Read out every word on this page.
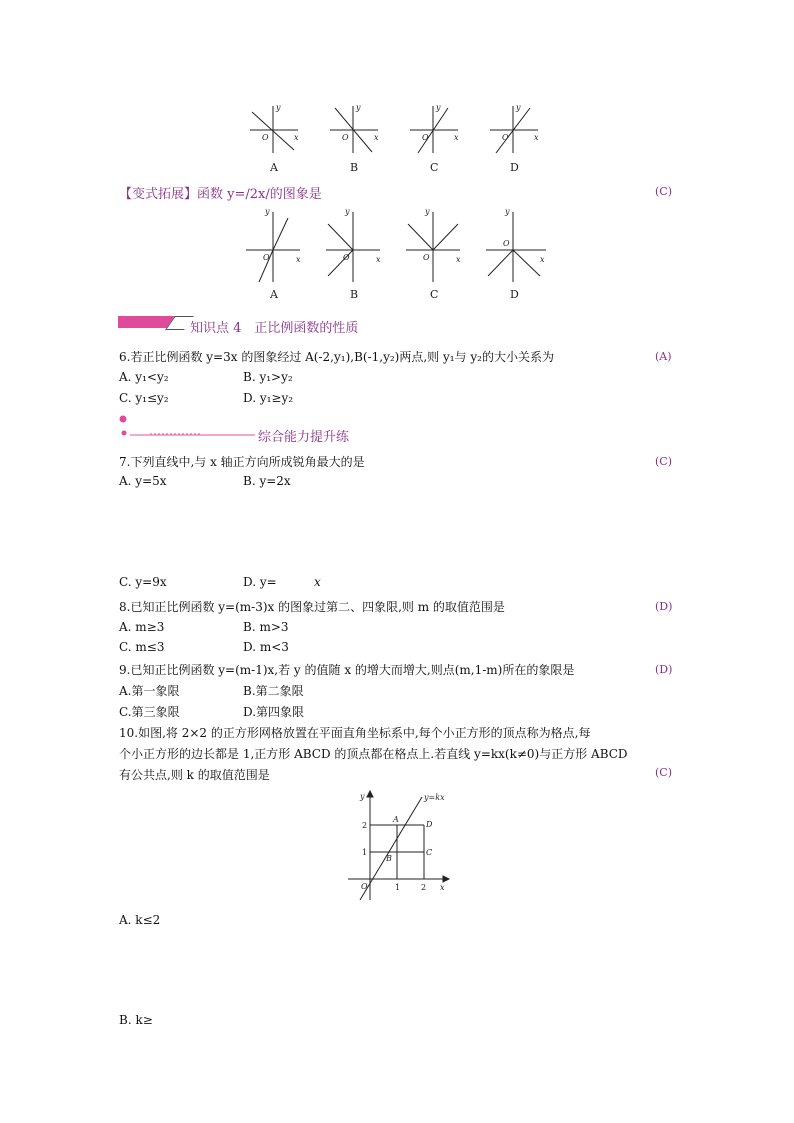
y
x
O
y
x
O
y
x
O
y
x
O
A	B	C	D
【变式拓展】函数 y=/2x/的图象是	(C)
y
x
O
y
x
O
y
x
O
y
x
O
A	B	C	D
知识点 4　正比例函数的性质
6.若正比例函数 y=3x 的图象经过 A(-2,y₁),B(-1,y₂)两点,则 y₁与 y₂的大小关系为	(A)
A. y₁<y₂	B. y₁>y₂
C. y₁≤y₂	D. y₁≥y₂
综合能力提升练
7.下列直线中,与 x 轴正方向所成锐角最大的是	(C)
A. y=5x	B. y=2x
C. y=9x	D. y=	x
8.已知正比例函数 y=(m-3)x 的图象过第二、四象限,则 m 的取值范围是	(D)
A. m≥3	B. m>3
C. m≤3	D. m<3
9.已知正比例函数 y=(m-1)x,若 y 的值随 x 的增大而增大,则点(m,1-m)所在的象限是	(D)
A.第一象限	B.第二象限
C.第三象限	D.第四象限
10.如图,将 2×2 的正方形网格放置在平面直角坐标系中,每个小正方形的顶点称为格点,每
个小正方形的边长都是 1,正方形 ABCD 的顶点都在格点上.若直线 y=kx(k≠0)与正方形 ABCD
有公共点,则 k 的取值范围是	(C)
y=kx
y
x
O
A
B
C
D
1
2
1	2
A. k≤2
B. k≥
